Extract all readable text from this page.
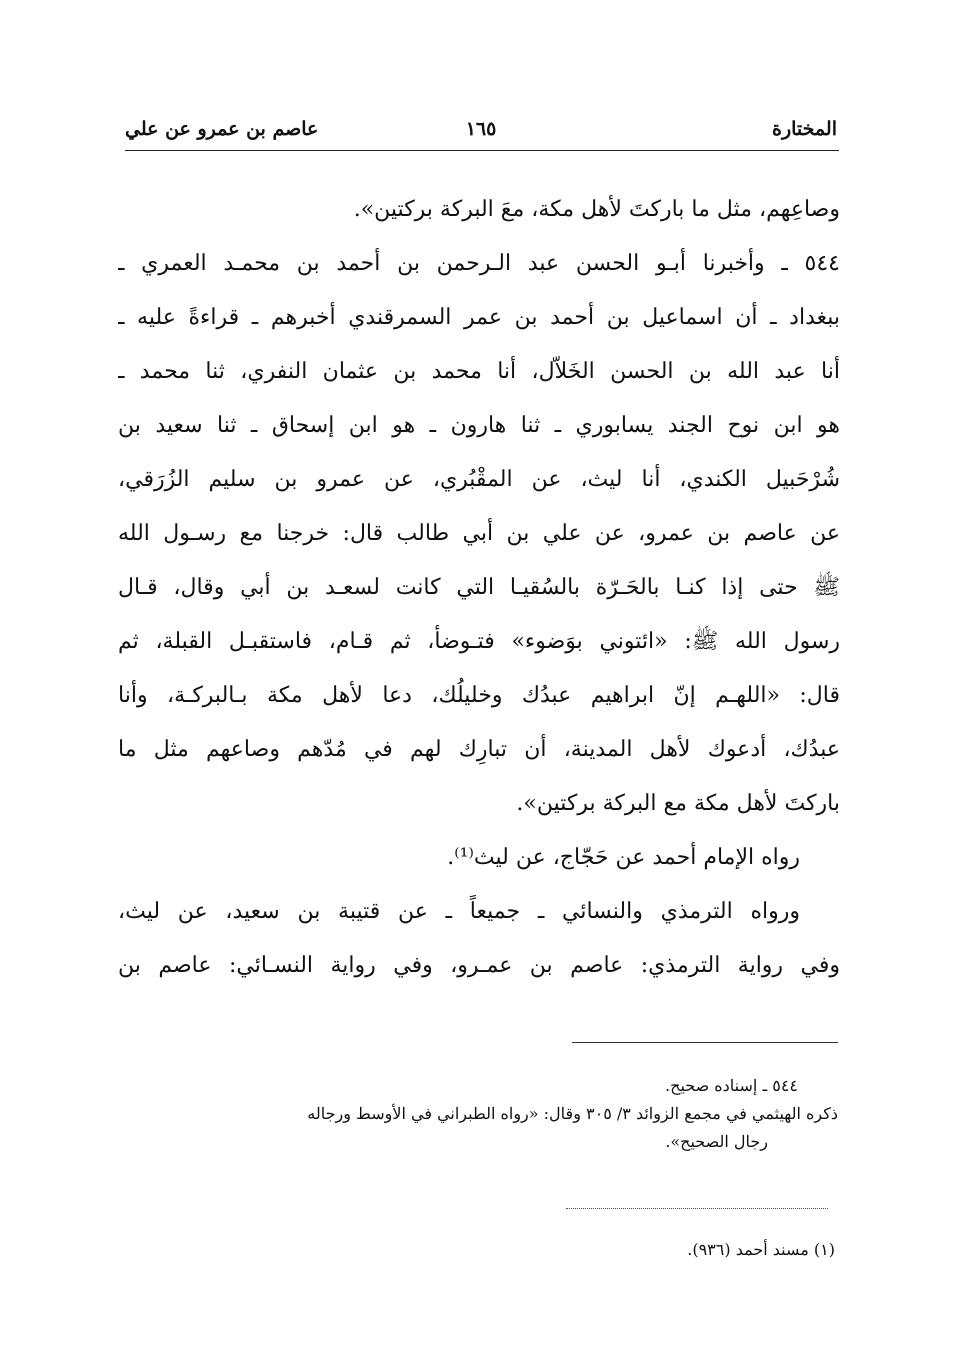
المختارة
١٦٥
عاصم بن عمرو عن علي
وصاعِهم، مثل ما باركتَ لأهل مكة، معَ البركة بركتين».
٥٤٤ ـ وأخبرنا أبـو الحسن عبد الـرحمن بن أحمد بن محمـد العمري ـ
ببغداد ـ أن اسماعيل بن أحمد بن عمر السمرقندي أخبرهم ـ قراءةً عليه ـ
أنا عبد الله بن الحسن الخَلاّل، أنا محمد بن عثمان النفري، ثنا محمد ـ
هو ابن نوح الجند يسابوري ـ ثنا هارون ـ هو ابن إسحاق ـ ثنا سعيد بن
شُرْحَبيل الكندي، أنا ليث، عن المقْبُري، عن عمرو بن سليم الزُرَقي،
عن عاصم بن عمرو، عن علي بن أبي طالب قال: خرجنا مع رسـول الله
ﷺ حتى إذا كنـا بالحَـرّة بالسُقيـا التي كانت لسعـد بن أبي وقال، قـال
رسول الله ﷺ: «ائتوني بوَضوء» فتـوضأ، ثم قـام، فاستقبـل القبلة، ثم
قال: «اللهـم إنّ ابراهيم عبدُك وخليلُك، دعا لأهل مكة بـالبركـة، وأنا
عبدُك، أدعوك لأهل المدينة، أن تبارِك لهم في مُدّهم وصاعهم مثل ما
باركتَ لأهل مكة مع البركة بركتين».
رواه الإمام أحمد عن حَجّاج، عن ليث⁽¹⁾.
ورواه الترمذي والنسائي ـ جميعاً ـ عن قتيبة بن سعيد، عن ليث،
وفي رواية الترمذي: عاصم بن عمـرو، وفي رواية النسـائي: عاصم بن
٥٤٤ ـ إسناده صحيح.
ذكره الهيثمي في مجمع الزوائد ٣/ ٣٠٥ وقال: «رواه الطبراني في الأوسط ورجاله
رجال الصحيح».
(١) مسند أحمد (٩٣٦).
